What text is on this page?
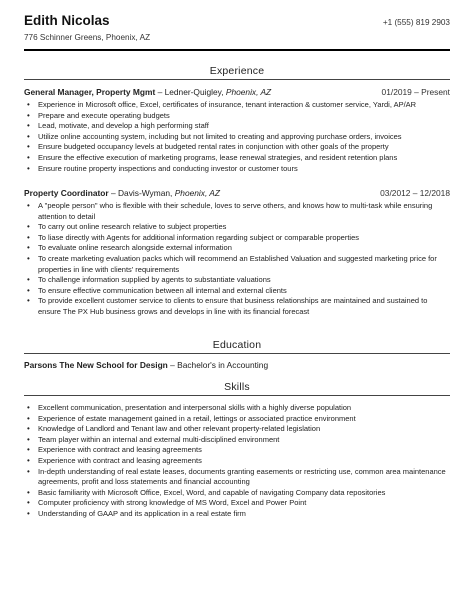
Edith Nicolas
776 Schinner Greens, Phoenix, AZ
+1 (555) 819 2903
Experience
General Manager, Property Mgmt – Ledner-Quigley, Phoenix, AZ	01/2019 – Present
• Experience in Microsoft office, Excel, certificates of insurance, tenant interaction & customer service, Yardi, AP/AR
• Prepare and execute operating budgets
• Lead, motivate, and develop a high performing staff
• Utilize online accounting system, including but not limited to creating and approving purchase orders, invoices
• Ensure budgeted occupancy levels at budgeted rental rates in conjunction with other goals of the property
• Ensure the effective execution of marketing programs, lease renewal strategies, and resident retention plans
• Ensure routine property inspections and conducting investor or customer tours
Property Coordinator – Davis-Wyman, Phoenix, AZ	03/2012 – 12/2018
• A "people person" who is flexible with their schedule, loves to serve others, and knows how to multi-task while ensuring attention to detail
• To carry out online research relative to subject properties
• To liase directly with Agents for additional information regarding subject or comparable properties
• To evaluate online research alongside external information
• To create marketing evaluation packs which will recommend an Established Valuation and suggested marketing price for properties in line with clients' requirements
• To challenge information supplied by agents to substantiate valuations
• To ensure effective communication between all internal and external clients
• To provide excellent customer service to clients to ensure that business relationships are maintained and sustained to ensure The PX Hub business grows and develops in line with its financial forecast
Education
Parsons The New School for Design – Bachelor's in Accounting
Skills
• Excellent communication, presentation and interpersonal skills with a highly diverse population
• Experience of estate management gained in a retail, lettings or associated practice environment
• Knowledge of Landlord and Tenant law and other relevant property-related legislation
• Team player within an internal and external multi-disciplined environment
• Experience with contract and leasing agreements
• Experience with contract and leasing agreements
• In-depth understanding of real estate leases, documents granting easements or restricting use, common area maintenance agreements, profit and loss statements and financial accounting
• Basic familiarity with Microsoft Office, Excel, Word, and capable of navigating Company data repositories
• Computer proficiency with strong knowledge of MS Word, Excel and Power Point
• Understanding of GAAP and its application in a real estate firm
